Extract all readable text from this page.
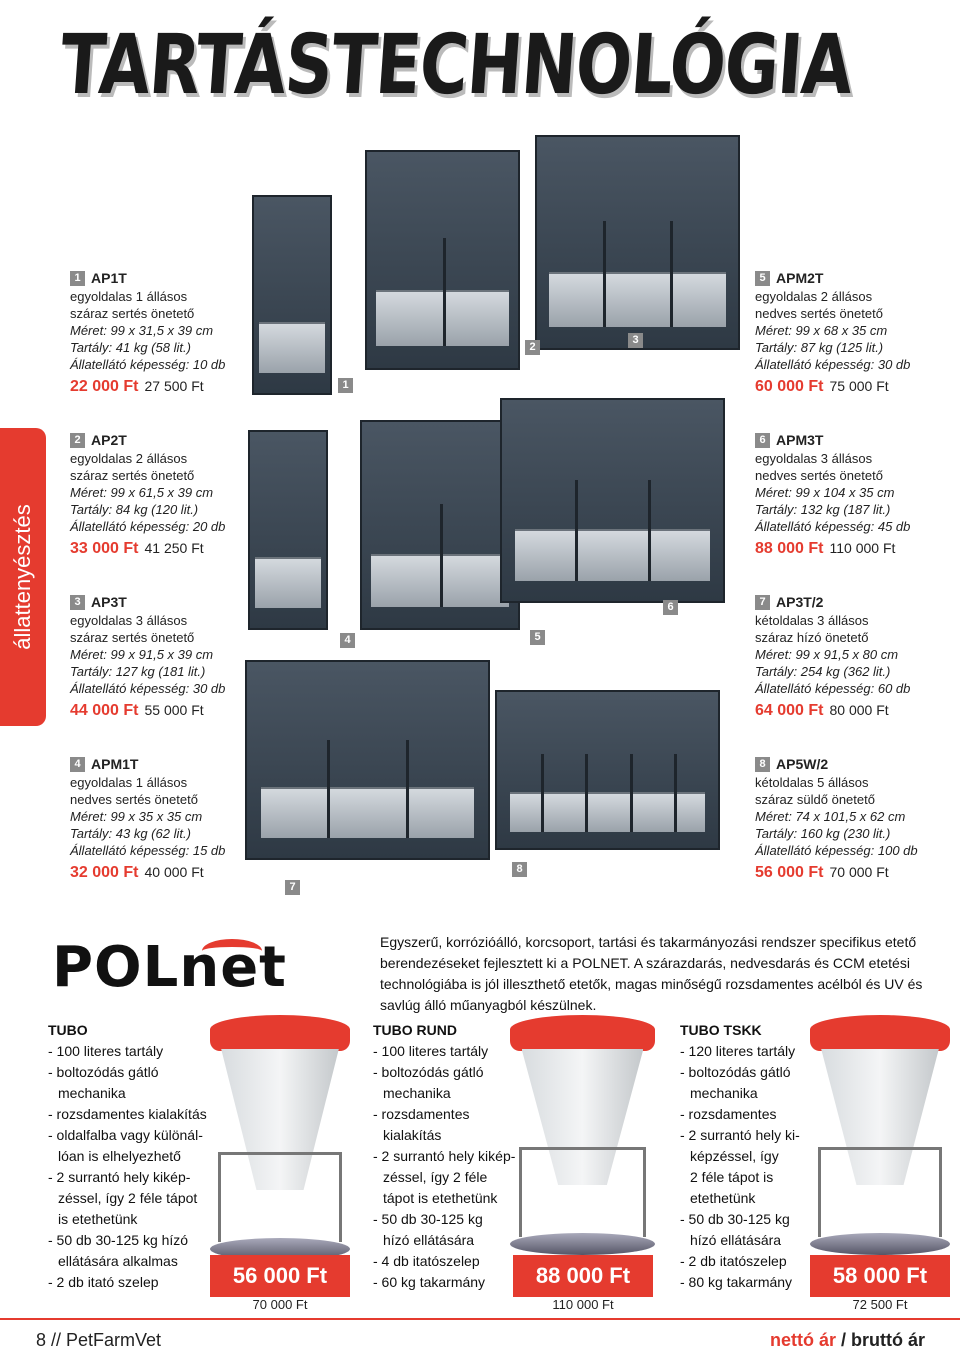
TARTÁSTECHNOLÓGIA
állattenyésztés
1 AP1T
egyoldalas 1 állásos
száraz sertés önetető
Méret: 99 x 31,5 x 39 cm
Tartály: 41 kg (58 lit.)
Állatellátó képesség: 10 db
22 000 Ft 27 500 Ft
2 AP2T
egyoldalas 2 állásos
száraz sertés önetető
Méret: 99 x 61,5 x 39 cm
Tartály: 84 kg (120 lit.)
Állatellátó képesség: 20 db
33 000 Ft 41 250 Ft
3 AP3T
egyoldalas 3 állásos
száraz sertés önetető
Méret: 99 x 91,5 x 39 cm
Tartály: 127 kg (181 lit.)
Állatellátó képesség: 30 db
44 000 Ft 55 000 Ft
4 APM1T
egyoldalas 1 állásos
nedves sertés önetető
Méret: 99 x 35 x 35 cm
Tartály: 43 kg (62 lit.)
Állatellátó képesség: 15 db
32 000 Ft 40 000 Ft
5 APM2T
egyoldalas 2 állásos
nedves sertés önetető
Méret: 99 x 68 x 35 cm
Tartály: 87 kg (125 lit.)
Állatellátó képesség: 30 db
60 000 Ft 75 000 Ft
6 APM3T
egyoldalas 3 állásos
nedves sertés önetető
Méret: 99 x 104 x 35 cm
Tartály: 132 kg (187 lit.)
Állatellátó képesség: 45 db
88 000 Ft 110 000 Ft
7 AP3T/2
kétoldalas 3 állásos
száraz hízó önetető
Méret: 99 x 91,5 x 80 cm
Tartály: 254 kg (362 lit.)
Állatellátó képesség: 60 db
64 000 Ft 80 000 Ft
8 AP5W/2
kétoldalas 5 állásos
száraz süldő önetető
Méret: 74 x 101,5 x 62 cm
Tartály: 160 kg (230 lit.)
Állatellátó képesség: 100 db
56 000 Ft 70 000 Ft
1
2
3
4	5
6
7
8
POLnet	Egyszerű, korrózióálló, korcsoport, tartási és takarmányozási rendszer specifikus etető berendezéseket fejlesztett ki a POLNET. A szárazdarás, nedvesdarás és CCM etetési technológiába is jól illeszthető etetők, magas minőségű rozsdamentes acélból és UV és savlúg álló műanyagból készülnek.
TUBO
- 100 literes tartály
- boltozódás gátló
mechanika
- rozsdamentes kialakítás
- oldalfalba vagy különál-
lóan is elhelyezhető
- 2 surrantó hely kikép-
zéssel, így 2 féle tápot
is etethetünk
- 50 db 30-125 kg hízó
ellátására alkalmas
- 2 db itató szelep	56 000 Ft
70 000 Ft
TUBO RUND
- 100 literes tartály
- boltozódás gátló
mechanika
- rozsdamentes
kialakítás
- 2 surrantó hely kikép-
zéssel, így 2 féle
tápot is etethetünk
- 50 db 30-125 kg
hízó ellátására
- 4 db itatószelep
- 60 kg takarmány	88 000 Ft
110 000 Ft
TUBO TSKK
- 120 literes tartály
- boltozódás gátló
mechanika
- rozsdamentes
- 2 surrantó hely ki-
képzéssel, így
2 féle tápot is
etethetünk
- 50 db 30-125 kg
hízó ellátására
- 2 db itatószelep
- 80 kg takarmány	58 000 Ft
72 500 Ft
8 // PetFarmVet	nettó ár / bruttó ár
